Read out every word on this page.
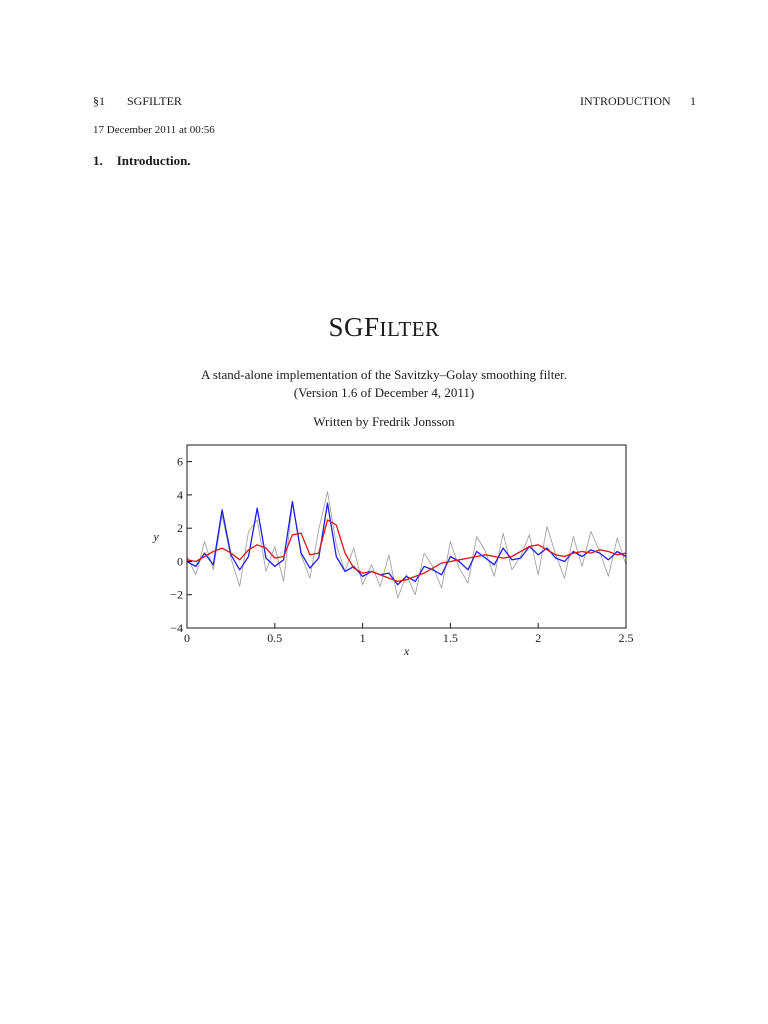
§1 SGFILTER	INTRODUCTION 1
17 December 2011 at 00:56
1. Introduction.
SGFILTER
A stand-alone implementation of the Savitzky–Golay smoothing filter.
(Version 1.6 of December 4, 2011)
Written by Fredrik Jonsson
0	0.5	1	1.5	2	2.5
−4
−2
0
2
4
6
x
y
